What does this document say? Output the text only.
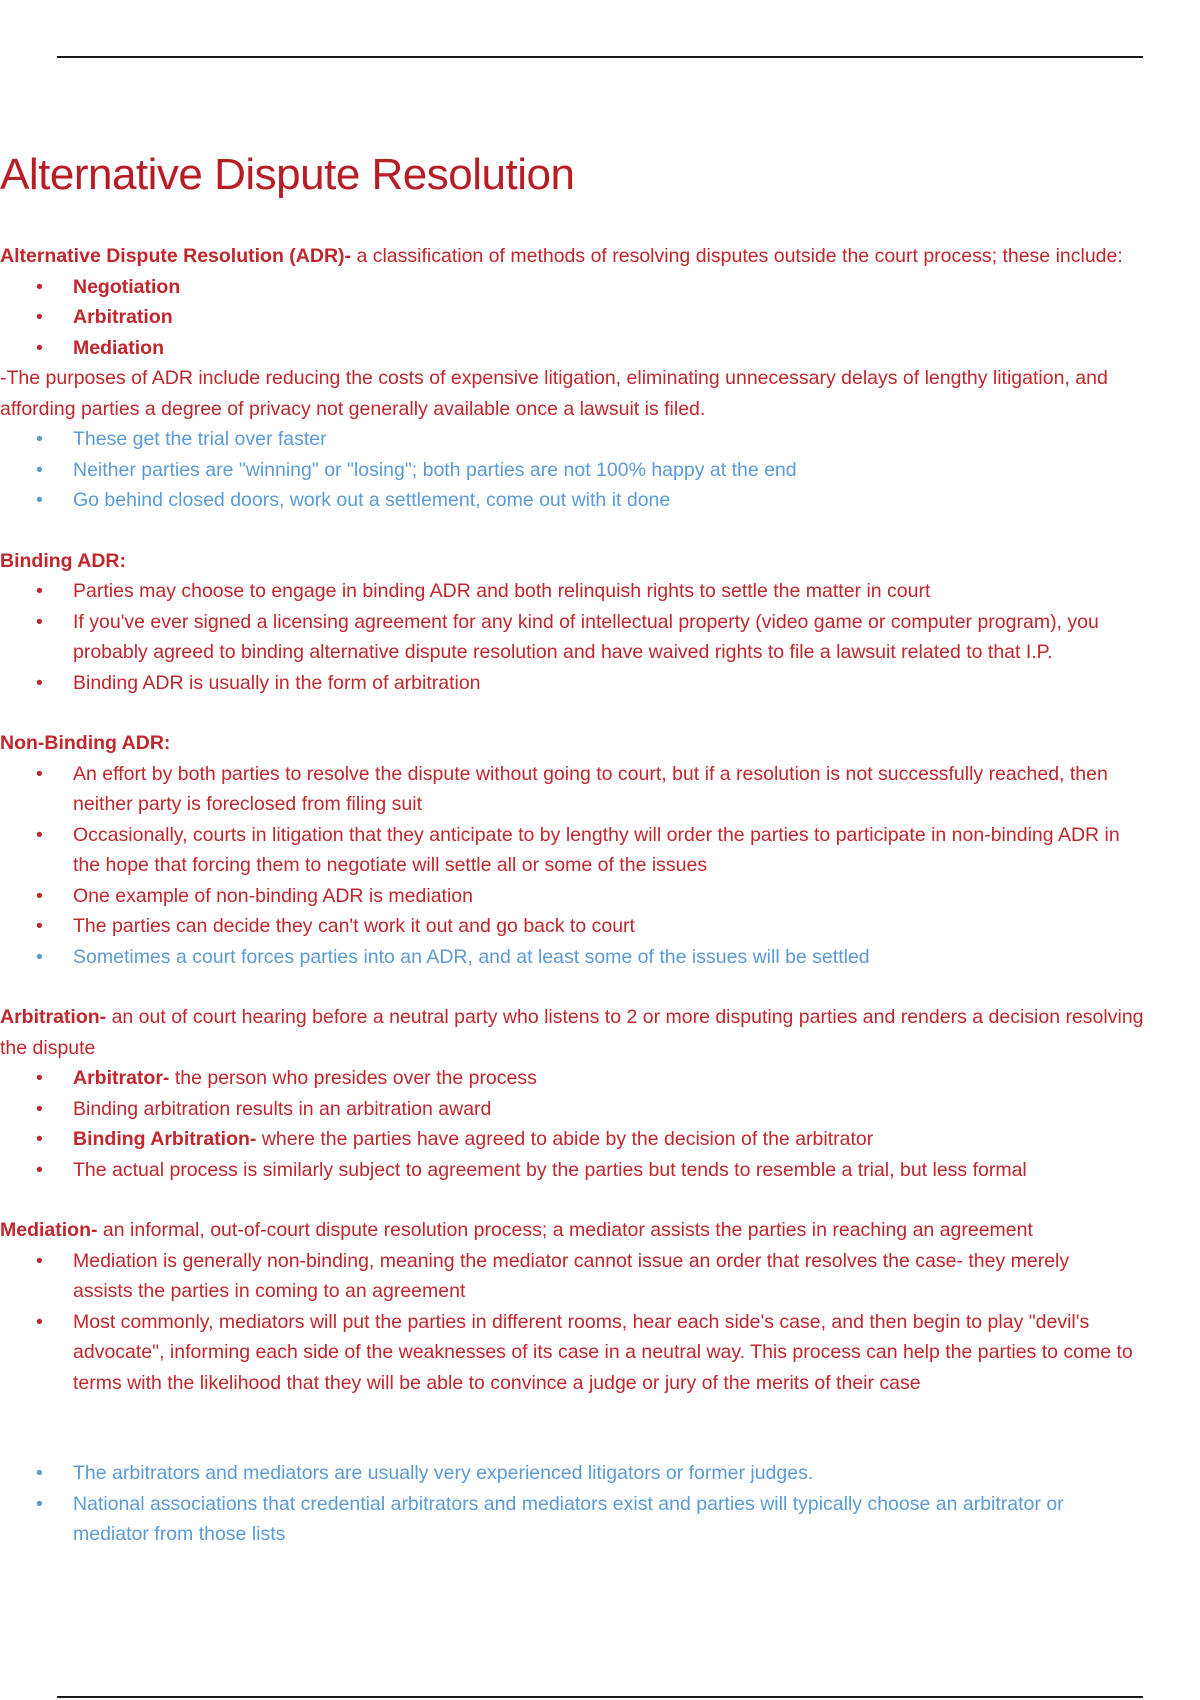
Alternative Dispute Resolution
Alternative Dispute Resolution (ADR)- a classification of methods of resolving disputes outside the court process; these include:
• Negotiation
• Arbitration
• Mediation
-The purposes of ADR include reducing the costs of expensive litigation, eliminating unnecessary delays of lengthy litigation, and affording parties a degree of privacy not generally available once a lawsuit is filed.
• These get the trial over faster
• Neither parties are "winning" or "losing"; both parties are not 100% happy at the end
• Go behind closed doors, work out a settlement, come out with it done
Binding ADR:
• Parties may choose to engage in binding ADR and both relinquish rights to settle the matter in court
• If you've ever signed a licensing agreement for any kind of intellectual property (video game or computer program), you probably agreed to binding alternative dispute resolution and have waived rights to file a lawsuit related to that I.P.
• Binding ADR is usually in the form of arbitration
Non-Binding ADR:
• An effort by both parties to resolve the dispute without going to court, but if a resolution is not successfully reached, then neither party is foreclosed from filing suit
• Occasionally, courts in litigation that they anticipate to by lengthy will order the parties to participate in non-binding ADR in the hope that forcing them to negotiate will settle all or some of the issues
• One example of non-binding ADR is mediation
• The parties can decide they can't work it out and go back to court
• Sometimes a court forces parties into an ADR, and at least some of the issues will be settled
Arbitration- an out of court hearing before a neutral party who listens to 2 or more disputing parties and renders a decision resolving the dispute
• Arbitrator- the person who presides over the process
• Binding arbitration results in an arbitration award
• Binding Arbitration- where the parties have agreed to abide by the decision of the arbitrator
• The actual process is similarly subject to agreement by the parties but tends to resemble a trial, but less formal
Mediation- an informal, out-of-court dispute resolution process; a mediator assists the parties in reaching an agreement
• Mediation is generally non-binding, meaning the mediator cannot issue an order that resolves the case- they merely assists the parties in coming to an agreement
• Most commonly, mediators will put the parties in different rooms, hear each side's case, and then begin to play "devil's advocate", informing each side of the weaknesses of its case in a neutral way. This process can help the parties to come to terms with the likelihood that they will be able to convince a judge or jury of the merits of their case
• The arbitrators and mediators are usually very experienced litigators or former judges.
• National associations that credential arbitrators and mediators exist and parties will typically choose an arbitrator or mediator from those lists
